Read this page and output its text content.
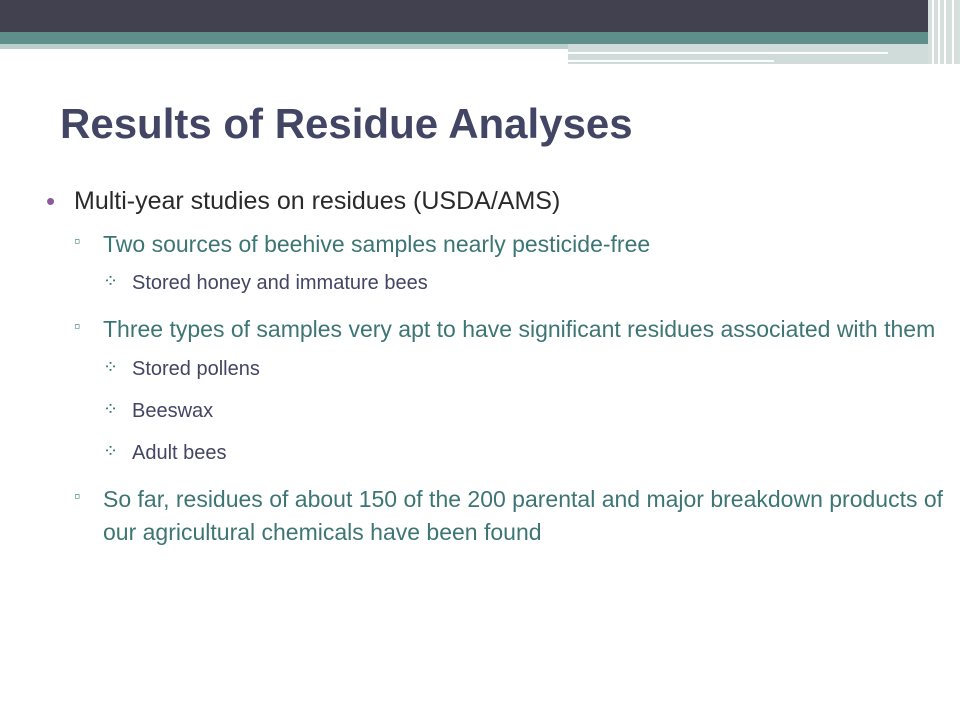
Results of Residue Analyses
• Multi-year studies on residues (USDA/AMS)
▫ Two sources of beehive samples nearly pesticide-free
⁘ Stored honey and immature bees
▫ Three types of samples very apt to have significant residues associated with them
⁘ Stored pollens
⁘ Beeswax
⁘ Adult bees
▫ So far, residues of about 150 of the 200 parental and major breakdown products of our agricultural chemicals have been found
